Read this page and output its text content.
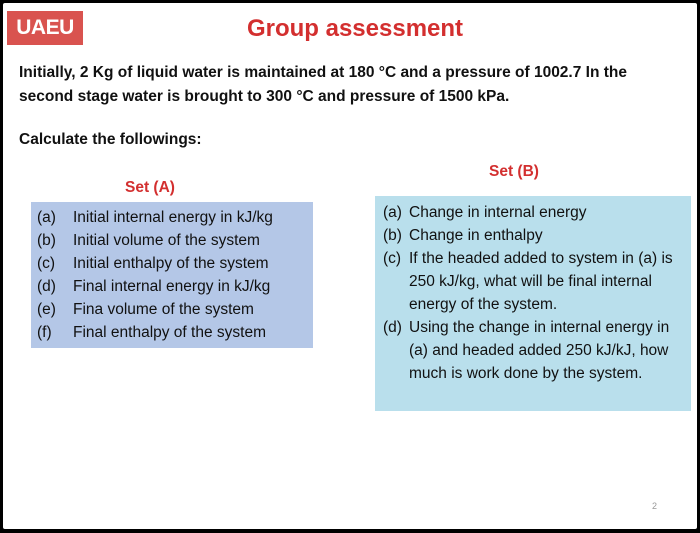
UAEU	Group assessment
Initially, 2 Kg of liquid water is maintained at 180 °C and a pressure of 1002.7 In the second stage water is brought to 300 °C and pressure of 1500 kPa.
Calculate the followings:
Set (A)
(a)	Initial internal energy in kJ/kg
(b)	Initial volume of the system
(c)	Initial enthalpy of the system
(d)	Final internal energy in kJ/kg
(e)	Fina volume of the system
(f)	Final enthalpy of the system
Set (B)
(a) Change in internal energy
(b) Change in enthalpy
(c) If the headed added to system in (a) is 250 kJ/kg, what will be final internal energy of the system.
(d) Using the change in internal energy in (a) and headed added 250 kJ/kJ, how much is work done by the system.
2
